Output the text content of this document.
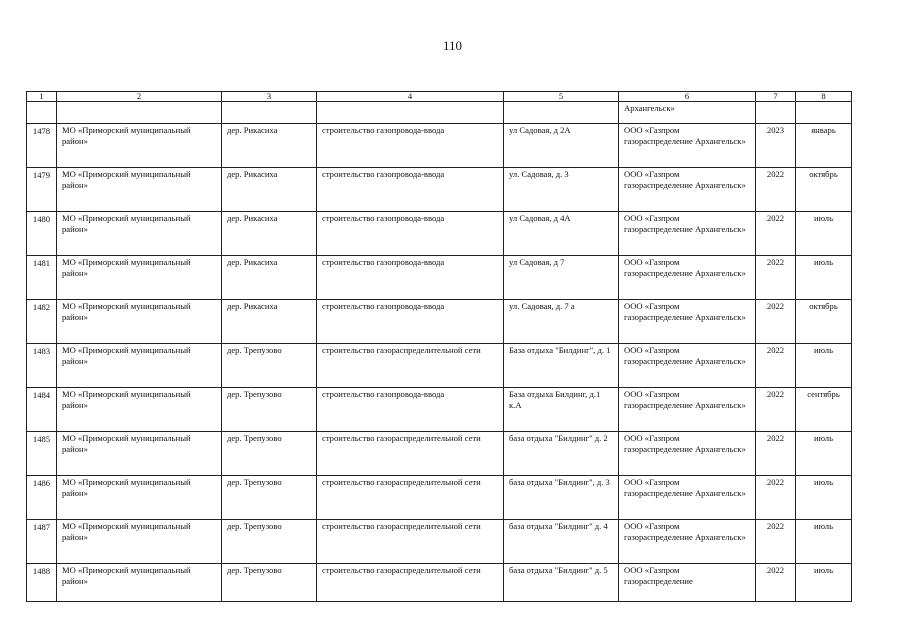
110
1	2	3	4	5	6	7	8
					Архангельск»		
1478	МО «Приморский муниципальный район»	дер. Рикасиха	строительство газопровода-ввода	ул Садовая, д 2А	ООО «Газпром газораспределение Архангельск»	2023	январь
1479	МО «Приморский муниципальный район»	дер. Рикасиха	строительство газопровода-ввода	ул. Садовая, д. 3	ООО «Газпром газораспределение Архангельск»	2022	октябрь
1480	МО «Приморский муниципальный район»	дер. Рикасиха	строительство газопровода-ввода	ул Садовая, д 4А	ООО «Газпром газораспределение Архангельск»	2022	июль
1481	МО «Приморский муниципальный район»	дер. Рикасиха	строительство газопровода-ввода	ул Садовая, д 7	ООО «Газпром газораспределение Архангельск»	2022	июль
1482	МО «Приморский муниципальный район»	дер. Рикасиха	строительство газопровода-ввода	ул. Садовая, д. 7 а	ООО «Газпром газораспределение Архангельск»	2022	октябрь
1483	МО «Приморский муниципальный район»	дер. Трепузово	строительство газораспределительной сети	База отдыха "Билдинг", д. 1	ООО «Газпром газораспределение Архангельск»	2022	июль
1484	МО «Приморский муниципальный район»	дер. Трепузово	строительство газопровода-ввода	База отдыха Билдинг, д.1 к.А	ООО «Газпром газораспределение Архангельск»	2022	сентябрь
1485	МО «Приморский муниципальный район»	дер. Трепузово	строительство газораспределительной сети	база отдыха "Билдинг" д. 2	ООО «Газпром газораспределение Архангельск»	2022	июль
1486	МО «Приморский муниципальный район»	дер. Трепузово	строительство газораспределительной сети	база отдыха "Билдинг", д. 3	ООО «Газпром газораспределение Архангельск»	2022	июль
1487	МО «Приморский муниципальный район»	дер. Трепузово	строительство газораспределительной сети	база отдыха "Билдинг" д. 4	ООО «Газпром газораспределение Архангельск»	2022	июль
1488	МО «Приморский муниципальный район»	дер. Трепузово	строительство газораспределительной сети	база отдыха "Билдинг" д. 5	ООО «Газпром газораспределение	2022	июль
